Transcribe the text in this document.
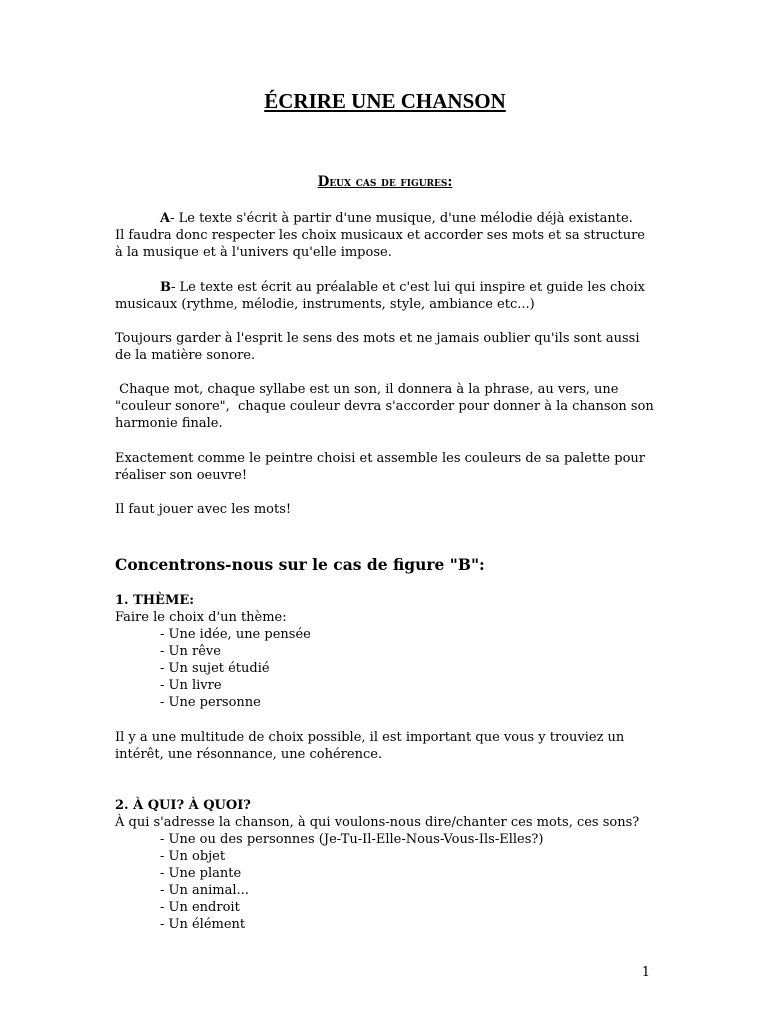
ÉCRIRE UNE CHANSON
Deux cas de figures:

A- Le texte s'écrit à partir d'une musique, d'une mélodie déjà existante.

Il faudra donc respecter les choix musicaux et accorder ses mots et sa structure à la musique et à l'univers qu'elle impose.

B- Le texte est écrit au préalable et c'est lui qui inspire et guide les choix musicaux (rythme, mélodie, instruments, style, ambiance etc...)

Toujours garder à l'esprit le sens des mots et ne jamais oublier qu'ils sont aussi de la matière sonore.

Chaque mot, chaque syllabe est un son, il donnera à la phrase, au vers, une "couleur sonore",  chaque couleur devra s'accorder pour donner à la chanson son harmonie finale.

Exactement comme le peintre choisi et assemble les couleurs de sa palette pour réaliser son oeuvre!

Il faut jouer avec les mots!

Concentrons-nous sur le cas de figure "B":

1. THÈME:

Faire le choix d'un thème:

- Une idée, une pensée
- Un rêve
- Un sujet étudié
- Un livre
- Une personne

Il y a une multitude de choix possible, il est important que vous y trouviez un intérêt, une résonnance, une cohérence.

2. À QUI? À QUOI?

À qui s'adresse la chanson, à qui voulons-nous dire/chanter ces mots, ces sons?

- Une ou des personnes (Je-Tu-Il-Elle-Nous-Vous-Ils-Elles?)
- Un objet
- Une plante
- Un animal...
- Un endroit
- Un élément
1
